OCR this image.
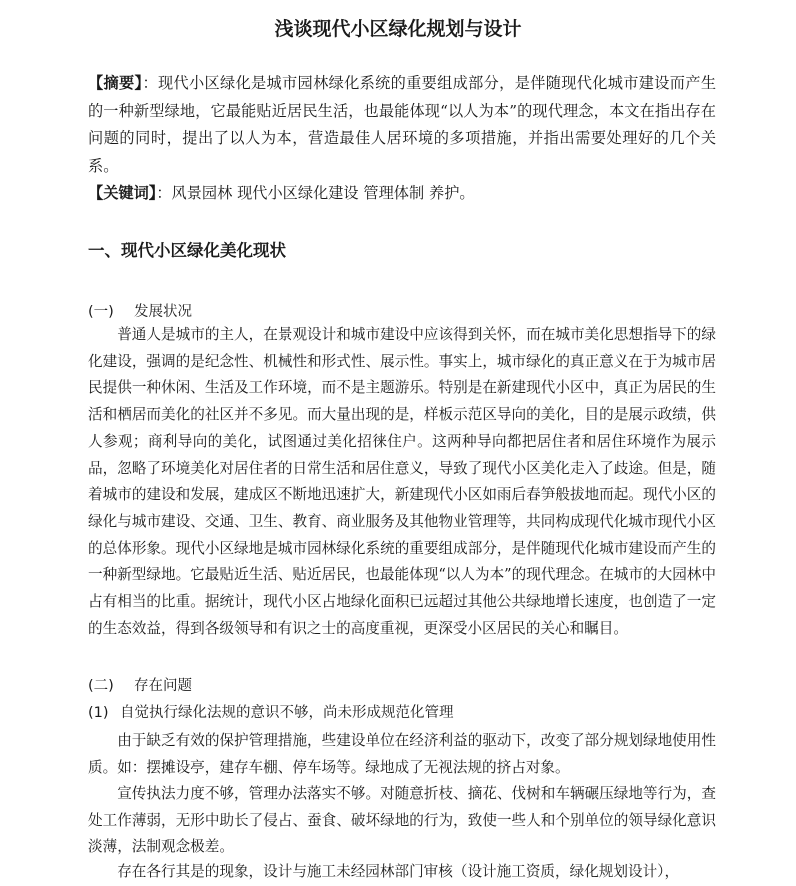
浅谈现代小区绿化规划与设计

【摘要】：现代小区绿化是城市园林绿化系统的重要组成部分，是伴随现代化城市建设而产生的一种新型绿地，它最能贴近居民生活，也最能体现“以人为本”的现代理念，本文在指出存在问题的同时，提出了以人为本，营造最佳人居环境的多项措施，并指出需要处理好的几个关系。

【关键词】：风景园林 现代小区绿化建设 管理体制 养护。

一、现代小区绿化美化现状
(一) 发展状况

普通人是城市的主人，在景观设计和城市建设中应该得到关怀，而在城市美化思想指导下的绿化建设，强调的是纪念性、机械性和形式性、展示性。事实上，城市绿化的真正意义在于为城市居民提供一种休闲、生活及工作环境，而不是主题游乐。特别是在新建现代小区中，真正为居民的生活和栖居而美化的社区并不多见。而大量出现的是，样板示范区导向的美化，目的是展示政绩，供人参观；商利导向的美化，试图通过美化招徕住户。这两种导向都把居住者和居住环境作为展示品，忽略了环境美化对居住者的日常生活和居住意义，导致了现代小区美化走入了歧途。但是，随着城市的建设和发展，建成区不断地迅速扩大，新建现代小区如雨后春笋般拔地而起。现代小区的绿化与城市建设、交通、卫生、教育、商业服务及其他物业管理等，共同构成现代化城市现代小区的总体形象。现代小区绿地是城市园林绿化系统的重要组成部分，是伴随现代化城市建设而产生的一种新型绿地。它最贴近生活、贴近居民，也最能体现“以人为本”的现代理念。在城市的大园林中占有相当的比重。据统计，现代小区占地绿化面积已远超过其他公共绿地增长速度，也创造了一定的生态效益，得到各级领导和有识之士的高度重视，更深受小区居民的关心和瞩目。

(二) 存在问题
(1) 自觉执行绿化法规的意识不够，尚未形成规范化管理

由于缺乏有效的保护管理措施，些建设单位在经济利益的驱动下，改变了部分规划绿地使用性质。如：摆摊设亭，建存车棚、停车场等。绿地成了无视法规的挤占对象。

宣传执法力度不够，管理办法落实不够。对随意折枝、摘花、伐树和车辆碾压绿地等行为，查处工作薄弱，无形中助长了侵占、蚕食、破坏绿地的行为，致使一些人和个别单位的领导绿化意识淡薄，法制观念极差。

存在各行其是的现象，设计与施工未经园林部门审核（设计施工资质，绿化规划设计），
